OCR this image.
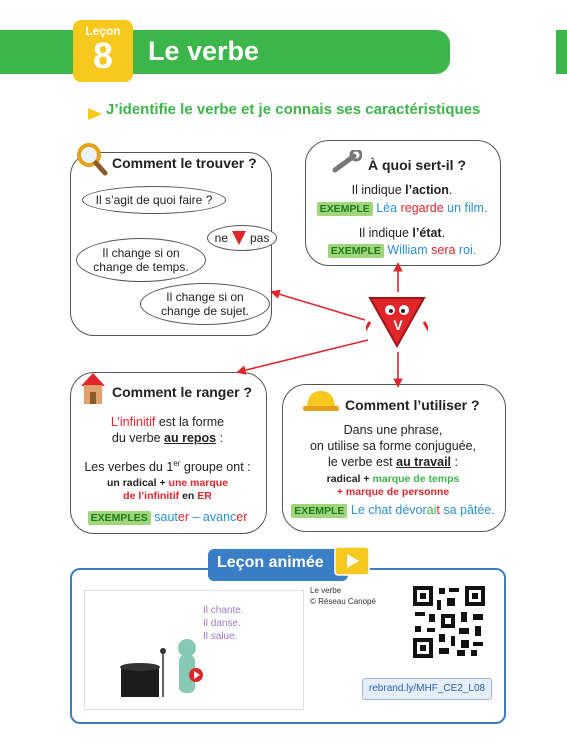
Leçon
8	Le verbe
J’identifie le verbe et je connais ses caractéristiques
Comment le trouver ?
Il s’agit de quoi faire ?
ne pas
Il change si on
change de temps.
Il change si on
change de sujet.
À quoi sert-il ?
Il indique l’action.
EXEMPLE Léa regarde un film.
Il indique l’état.
EXEMPLE William sera roi.
Comment le ranger ?
L’infinitif est la forme
du verbe au repos :
Les verbes du 1er groupe ont :
un radical + une marque
de l’infinitif en ER
EXEMPLES sauter – avancer
Comment l’utiliser ?
Dans une phrase,
on utilise sa forme conjuguée,
le verbe est au travail :
radical + marque de temps
+ marque de personne
EXEMPLE Le chat dévorait sa pâtée.
V
Leçon animée
Il chante.
Il danse.
Il salue.
Le verbe
© Réseau Canopé
rebrand.ly/MHF_CE2_L08
